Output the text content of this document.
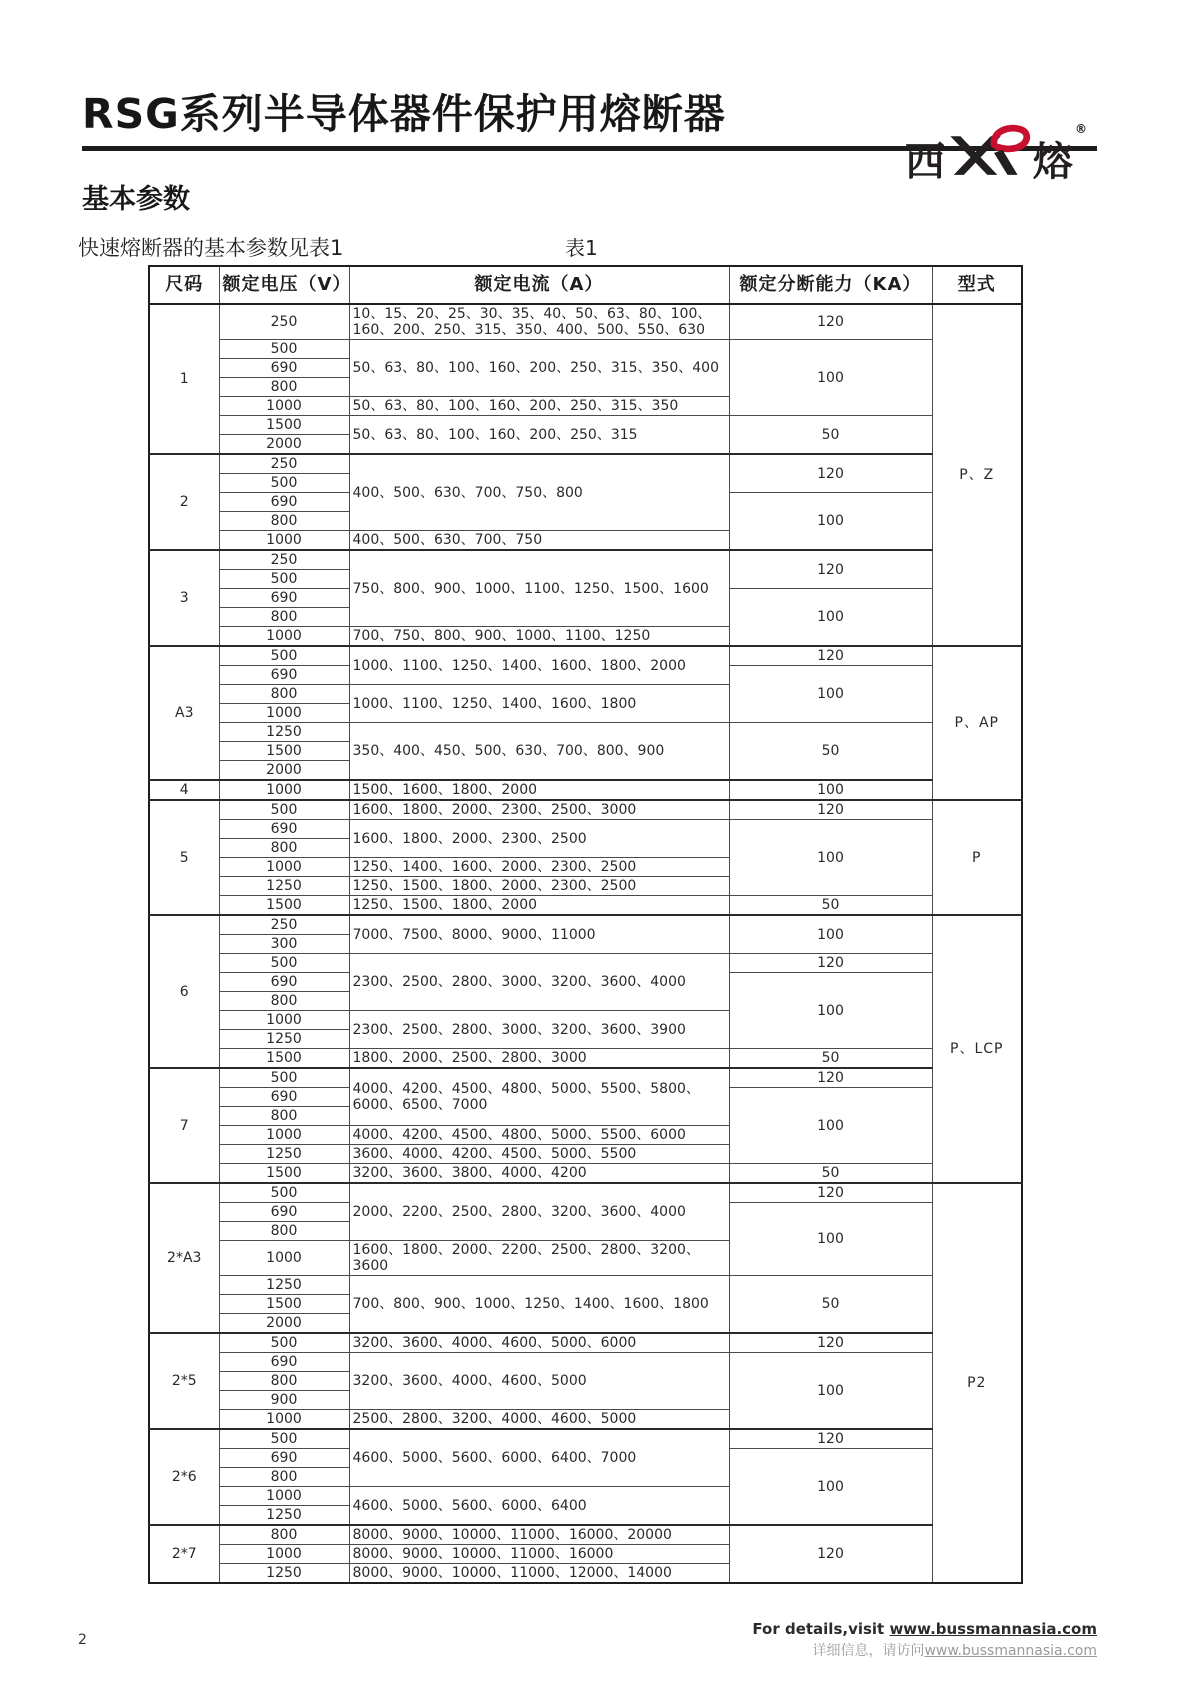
西 熔
®
RSG系列半导体器件保护用熔断器
基本参数
快速熔断器的基本参数见表1	表1
尺码	额定电压（V）	额定电流（A）	额定分断能力（KA）	型式
1	250	10、15、20、25、30、35、40、50、63、80、100、160、200、250、315、350、400、500、550、630	120	P、Z
	500	50、63、80、100、160、200、250、315、350、400	100	
	690			
	800			
	1000	50、63、80、100、160、200、250、315、350		
	1500	50、63、80、100、160、200、250、315	50	
	2000			
2	250	400、500、630、700、750、800	120	
	500			
	690		100	
	800			
	1000	400、500、630、700、750		
3	250	750、800、900、1000、1100、1250、1500、1600	120	
	500			
	690		100	
	800			
	1000	700、750、800、900、1000、1100、1250		
A3	500	1000、1100、1250、1400、1600、1800、2000	120	P、AP
	690		100	
	800	1000、1100、1250、1400、1600、1800		
	1000			
	1250	350、400、450、500、630、700、800、900	50	
	1500			
	2000			
4	1000	1500、1600、1800、2000	100	
5	500	1600、1800、2000、2300、2500、3000	120	P
	690	1600、1800、2000、2300、2500	100	
	800			
	1000	1250、1400、1600、2000、2300、2500		
	1250	1250、1500、1800、2000、2300、2500		
	1500	1250、1500、1800、2000	50	
6	250	7000、7500、8000、9000、11000	100	P、LCP
	300			
	500	2300、2500、2800、3000、3200、3600、4000	120	
	690		100	
	800			
	1000	2300、2500、2800、3000、3200、3600、3900		
	1250			
	1500	1800、2000、2500、2800、3000	50	
7	500	4000、4200、4500、4800、5000、5500、5800、6000、6500、7000	120	
	690		100	
	800			
	1000	4000、4200、4500、4800、5000、5500、6000		
	1250	3600、4000、4200、4500、5000、5500		
	1500	3200、3600、3800、4000、4200	50	
2*A3	500	2000、2200、2500、2800、3200、3600、4000	120	P2
	690		100	
	800			
	1000	1600、1800、2000、2200、2500、2800、3200、3600		
	1250	700、800、900、1000、1250、1400、1600、1800	50	
	1500			
	2000			
2*5	500	3200、3600、4000、4600、5000、6000	120	
	690	3200、3600、4000、4600、5000	100	
	800			
	900			
	1000	2500、2800、3200、4000、4600、5000		
2*6	500	4600、5000、5600、6000、6400、7000	120	
	690		100	
	800			
	1000	4600、5000、5600、6000、6400		
	1250			
2*7	800	8000、9000、10000、11000、16000、20000	120	
	1000	8000、9000、10000、11000、16000		
	1250	8000、9000、10000、11000、12000、14000		
For details,visit www.bussmannasia.com
详细信息，请访问www.bussmannasia.com
2
